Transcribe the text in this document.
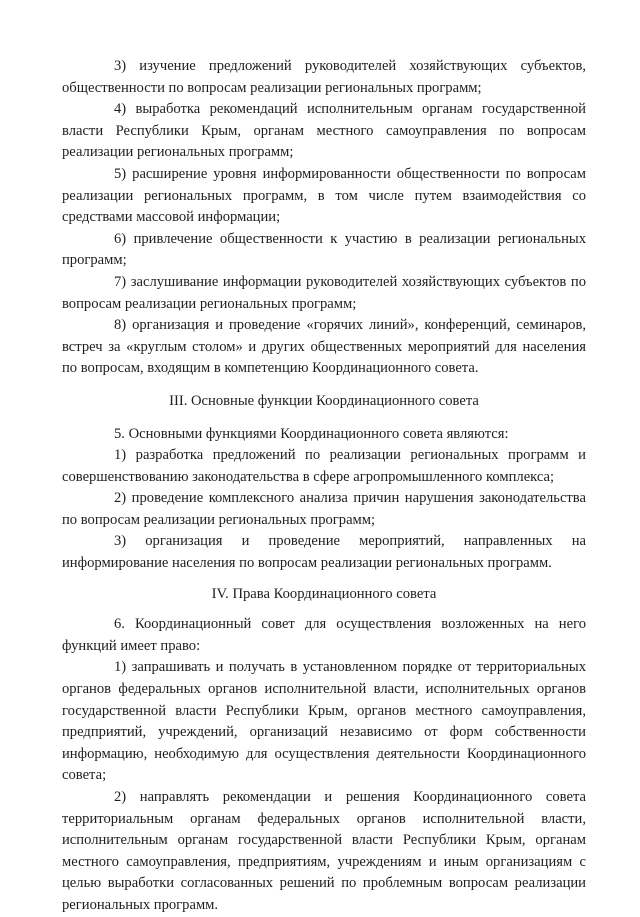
3) изучение предложений руководителей хозяйствующих субъектов, общественности по вопросам реализации региональных программ;

4) выработка рекомендаций исполнительным органам государственной власти Республики Крым, органам местного самоуправления по вопросам реализации региональных программ;

5) расширение уровня информированности общественности по вопросам реализации региональных программ, в том числе путем взаимодействия со средствами массовой информации;

6) привлечение общественности к участию в реализации региональных программ;

7) заслушивание информации руководителей хозяйствующих субъектов по вопросам реализации региональных программ;

8) организация и проведение «горячих линий», конференций, семинаров, встреч за «круглым столом» и других общественных мероприятий для населения по вопросам, входящим в компетенцию Координационного совета.

III. Основные функции Координационного совета

5. Основными функциями Координационного совета являются:

1) разработка предложений по реализации региональных программ и совершенствованию законодательства в сфере агропромышленного комплекса;

2) проведение комплексного анализа причин нарушения законодательства по вопросам реализации региональных программ;

3) организация и проведение мероприятий, направленных на информирование населения по вопросам реализации региональных программ.

IV. Права Координационного совета

6. Координационный совет для осуществления возложенных на него функций имеет право:

1) запрашивать и получать в установленном порядке от территориальных органов федеральных органов исполнительной власти, исполнительных органов государственной власти Республики Крым, органов местного самоуправления, предприятий, учреждений, организаций независимо от форм собственности информацию, необходимую для осуществления деятельности Координационного совета;

2) направлять рекомендации и решения Координационного совета территориальным органам федеральных органов исполнительной власти, исполнительным органам государственной власти Республики Крым, органам местного самоуправления, предприятиям, учреждениям и иным организациям с целью выработки согласованных решений по проблемным вопросам реализации региональных программ.
